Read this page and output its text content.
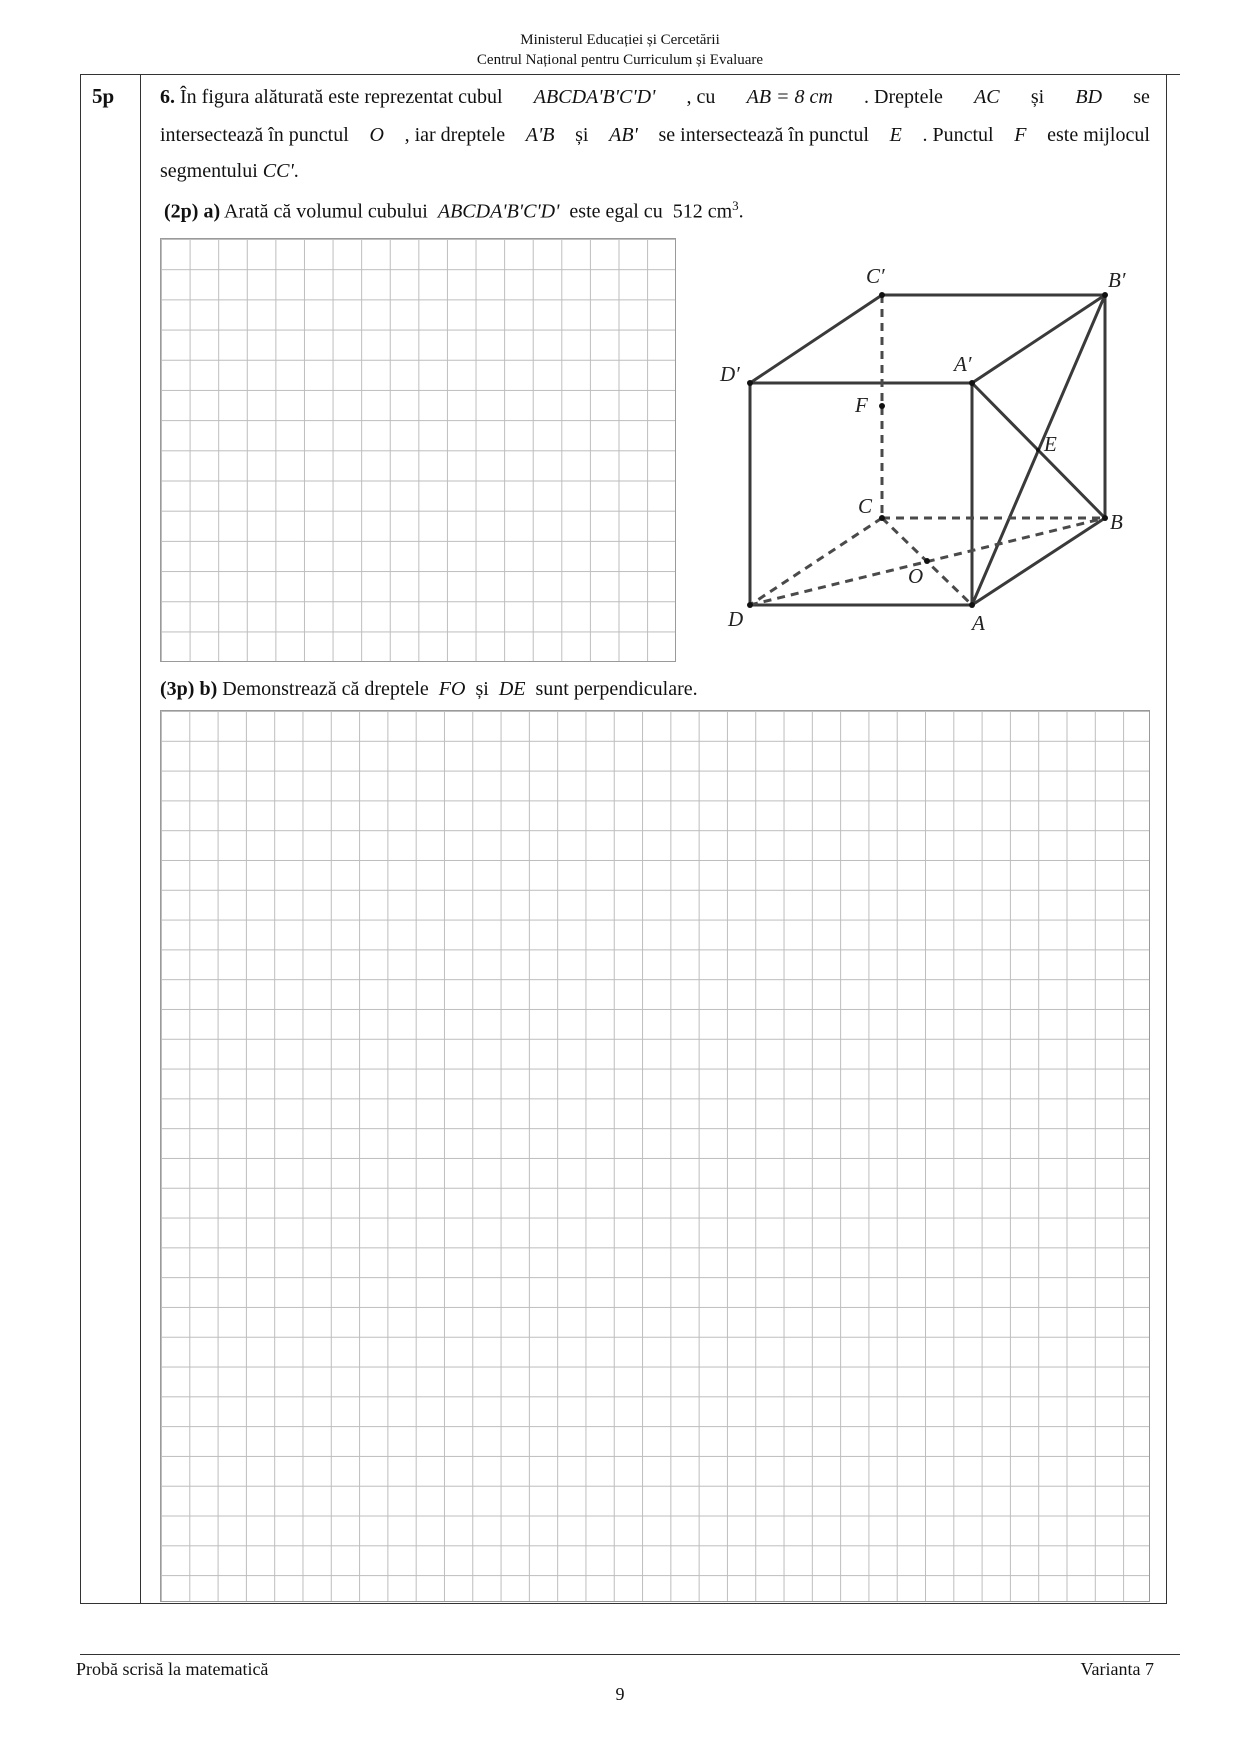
Ministerul Educației și Cercetării
Centrul Național pentru Curriculum și Evaluare
5p 6. În figura alăturată este reprezentat cubul ABCDA'B'C'D' , cu AB = 8 cm . Dreptele AC și BD se
intersectează în punctul O , iar dreptele A'B și AB' se intersectează în punctul E . Punctul F este mijlocul
segmentului CC'.
(2p) a) Arată că volumul cubului ABCDA'B'C'D' este egal cu 512 $cm^3$.
C′	B′
D′	A′
F
E
C
B
O
D	A
(3p) b) Demonstrează că dreptele FO și DE sunt perpendiculare.
Probă scrisă la matematică	Varianta 7
9
